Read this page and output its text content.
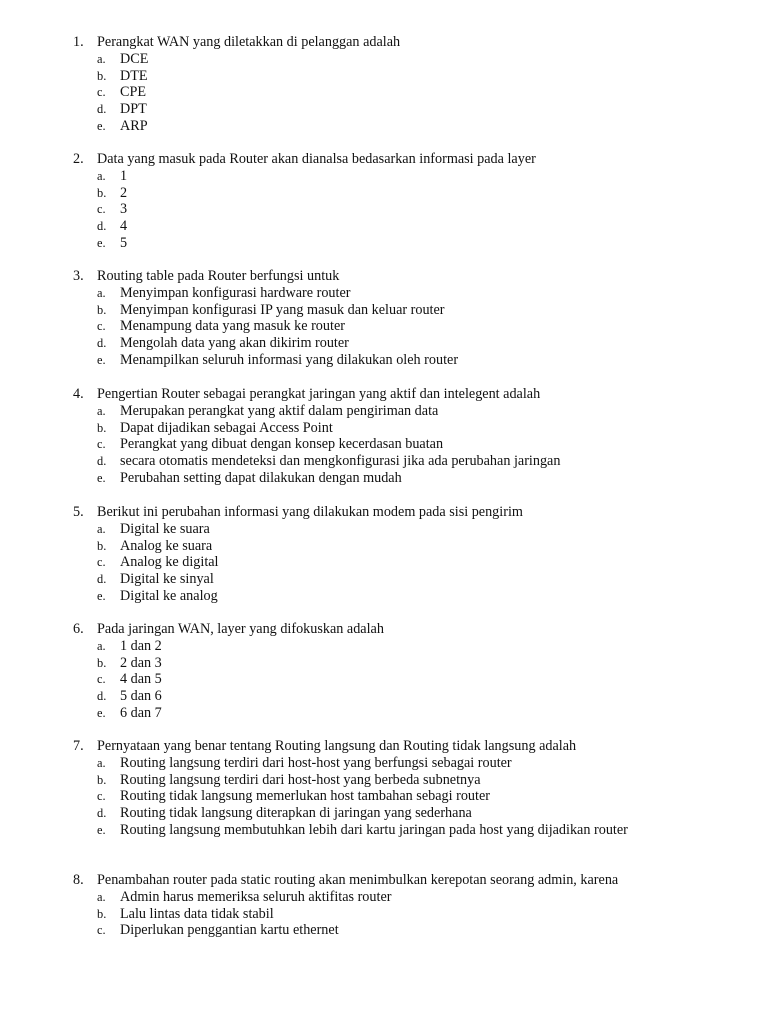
1. Perangkat WAN yang diletakkan di pelanggan adalah
a. DCE
b. DTE
c. CPE
d. DPT
e. ARP
2. Data yang masuk pada Router akan dianalsa bedasarkan informasi pada layer
a. 1
b. 2
c. 3
d. 4
e. 5
3. Routing table pada Router berfungsi untuk
a. Menyimpan konfigurasi hardware router
b. Menyimpan konfigurasi IP yang masuk dan keluar router
c. Menampung data yang masuk ke router
d. Mengolah data yang akan dikirim router
e. Menampilkan seluruh informasi yang dilakukan oleh router
4. Pengertian Router sebagai perangkat jaringan yang aktif dan intelegent adalah
a. Merupakan perangkat yang aktif dalam pengiriman data
b. Dapat dijadikan sebagai Access Point
c. Perangkat yang dibuat dengan konsep kecerdasan buatan
d. secara otomatis mendeteksi dan mengkonfigurasi jika ada perubahan jaringan
e. Perubahan setting dapat dilakukan dengan mudah
5. Berikut ini perubahan informasi yang dilakukan modem pada sisi pengirim
a. Digital ke suara
b. Analog ke suara
c. Analog ke digital
d. Digital ke sinyal
e. Digital ke analog
6. Pada jaringan WAN, layer yang difokuskan adalah
a. 1 dan 2
b. 2 dan 3
c. 4 dan 5
d. 5 dan 6
e. 6 dan 7
7. Pernyataan yang benar tentang Routing langsung dan Routing tidak langsung adalah
a. Routing langsung terdiri dari host-host yang berfungsi sebagai router
b. Routing langsung terdiri dari host-host yang berbeda subnetnya
c. Routing tidak langsung memerlukan host tambahan sebagi router
d. Routing tidak langsung diterapkan di jaringan yang sederhana
e. Routing langsung membutuhkan lebih dari kartu jaringan pada host yang dijadikan router
8. Penambahan router pada static routing akan menimbulkan kerepotan seorang admin, karena
a. Admin harus memeriksa seluruh aktifitas router
b. Lalu lintas data tidak stabil
c. Diperlukan penggantian kartu ethernet
